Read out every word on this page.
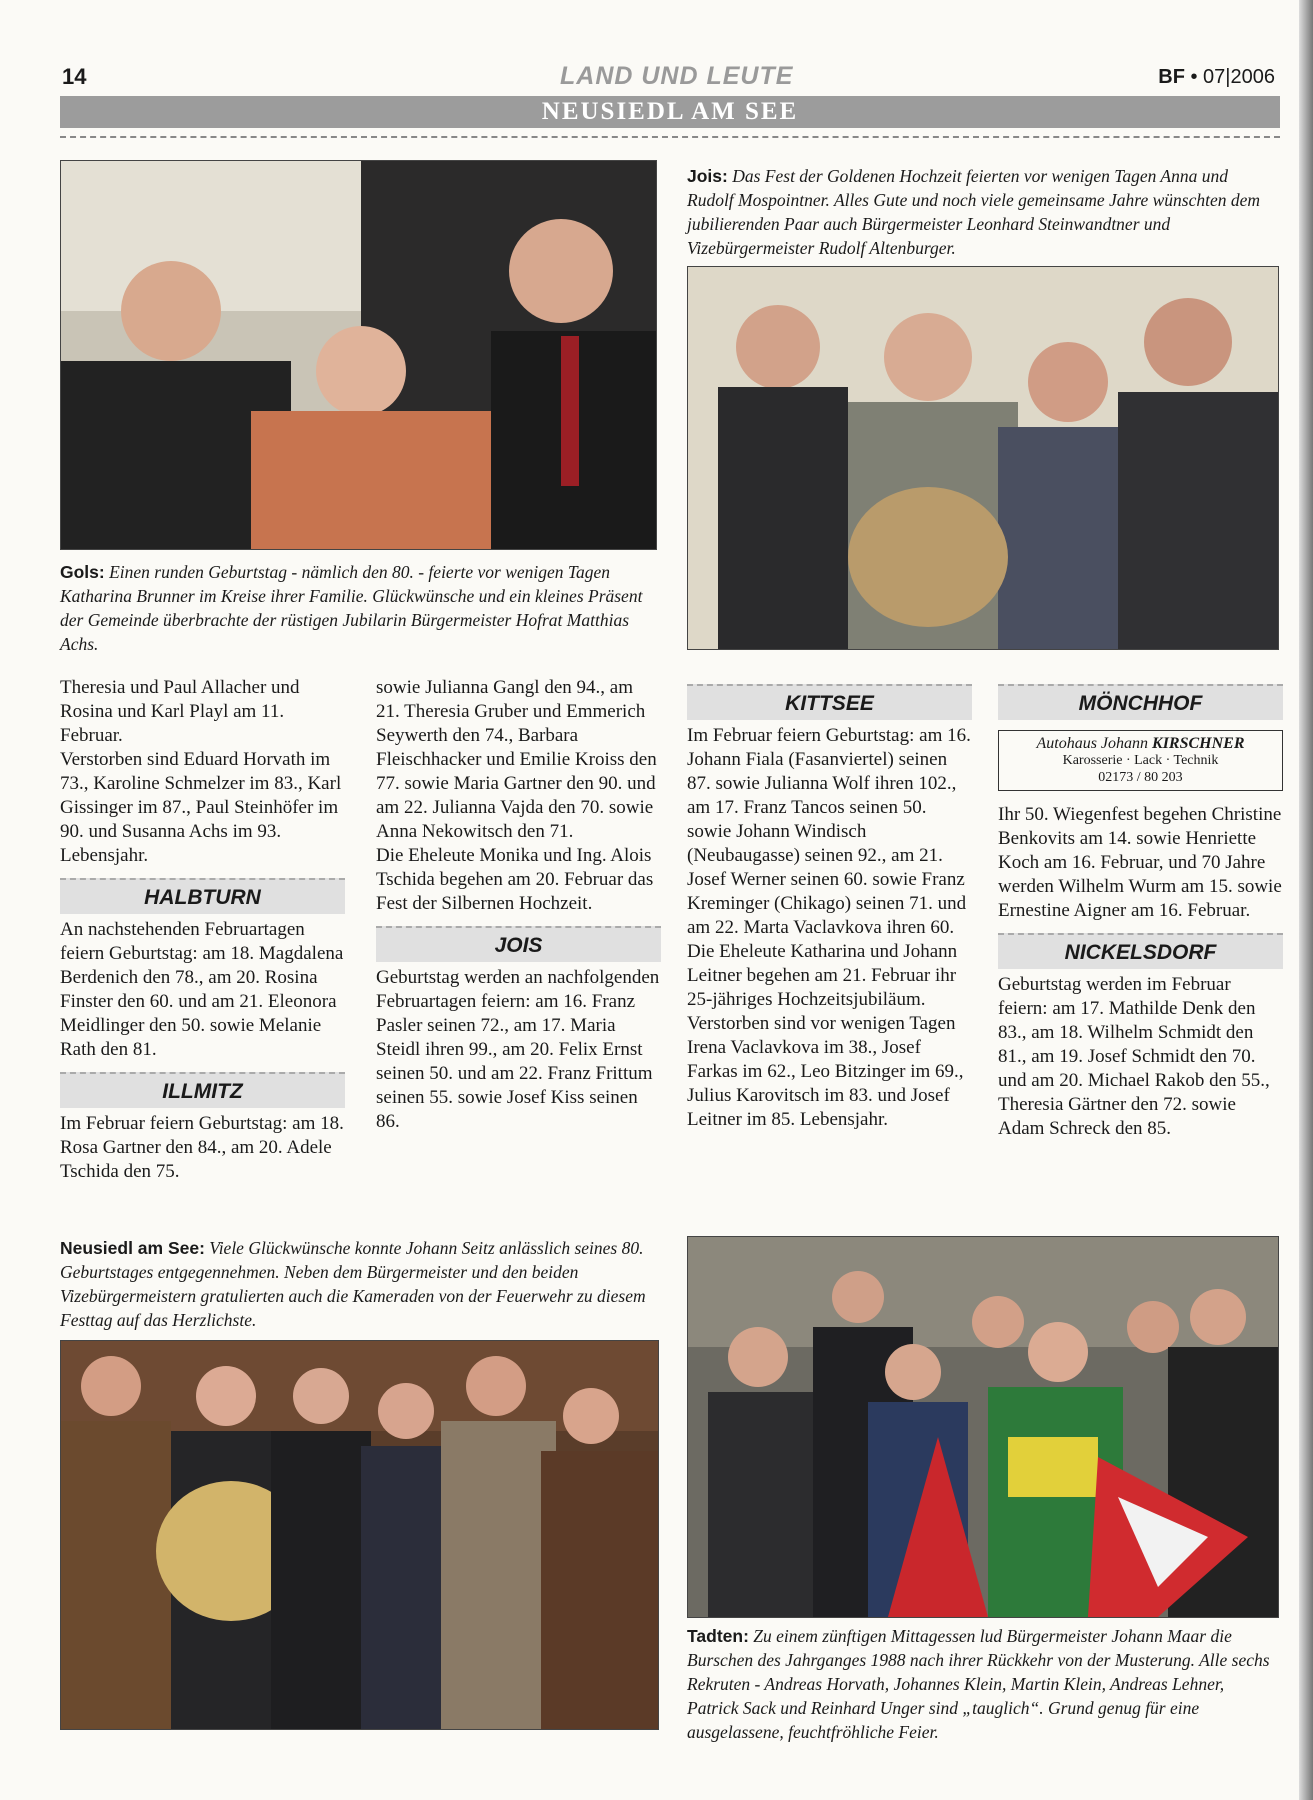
14	LAND UND LEUTE	BF • 07|2006
NEUSIEDL AM SEE
Gols: Einen runden Geburtstag - nämlich den 80. - feierte vor wenigen Tagen Katharina Brunner im Kreise ihrer Familie. Glückwünsche und ein kleines Präsent der Gemeinde überbrachte der rüstigen Jubilarin Bürgermeister Hofrat Matthias Achs.
Jois: Das Fest der Goldenen Hochzeit feierten vor wenigen Tagen Anna und Rudolf Mospointner. Alles Gute und noch viele gemeinsame Jahre wünschten dem jubilierenden Paar auch Bürgermeister Leonhard Steinwandtner und Vizebürgermeister Rudolf Altenburger.

Theresia und Paul Allacher und Rosina und Karl Playl am 11. Februar.

Verstorben sind Eduard Horvath im 73., Karoline Schmelzer im 83., Karl Gissinger im 87., Paul Steinhöfer im 90. und Susanna Achs im 93. Lebensjahr.

HALBTURN

An nachstehenden Februartagen feiern Geburtstag: am 18. Magdalena Berdenich den 78., am 20. Rosina Finster den 60. und am 21. Eleonora Meidlinger den 50. sowie Melanie Rath den 81.

ILLMITZ

Im Februar feiern Geburtstag: am 18. Rosa Gartner den 84., am 20. Adele Tschida den 75.

sowie Julianna Gangl den 94., am 21. Theresia Gruber und Emmerich Seywerth den 74., Barbara Fleischhacker und Emilie Kroiss den 77. sowie Maria Gartner den 90. und am 22. Julianna Vajda den 70. sowie Anna Nekowitsch den 71.

Die Eheleute Monika und Ing. Alois Tschida begehen am 20. Februar das Fest der Silbernen Hochzeit.

JOIS

Geburtstag werden an nachfolgenden Februartagen feiern: am 16. Franz Pasler seinen 72., am 17. Maria Steidl ihren 99., am 20. Felix Ernst seinen 50. und am 22. Franz Frittum seinen 55. sowie Josef Kiss seinen 86.

KITTSEE

Im Februar feiern Geburtstag: am 16. Johann Fiala (Fasanviertel) seinen 87. sowie Julianna Wolf ihren 102., am 17. Franz Tancos seinen 50. sowie Johann Windisch (Neubaugasse) seinen 92., am 21. Josef Werner seinen 60. sowie Franz Kreminger (Chikago) seinen 71. und am 22. Marta Vaclavkova ihren 60.

Die Eheleute Katharina und Johann Leitner begehen am 21. Februar ihr 25-jähriges Hochzeitsjubiläum.

Verstorben sind vor wenigen Tagen Irena Vaclavkova im 38., Josef Farkas im 62., Leo Bitzinger im 69., Julius Karovitsch im 83. und Josef Leitner im 85. Lebensjahr.

MÖNCHHOF
Autohaus Johann KIRSCHNER
Karosserie · Lack · Technik
02173 / 80 203

Ihr 50. Wiegenfest begehen Christine Benkovits am 14. sowie Henriette Koch am 16. Februar, und 70 Jahre werden Wilhelm Wurm am 15. sowie Ernestine Aigner am 16. Februar.

NICKELSDORF

Geburtstag werden im Februar feiern: am 17. Mathilde Denk den 83., am 18. Wilhelm Schmidt den 81., am 19. Josef Schmidt den 70. und am 20. Michael Rakob den 55., Theresia Gärtner den 72. sowie Adam Schreck den 85.

Neusiedl am See: Viele Glückwünsche konnte Johann Seitz anlässlich seines 80. Geburtstages entgegennehmen. Neben dem Bürgermeister und den beiden Vizebürgermeistern gratulierten auch die Kameraden von der Feuerwehr zu diesem Festtag auf das Herzlichste.
Tadten: Zu einem zünftigen Mittagessen lud Bürgermeister Johann Maar die Burschen des Jahrganges 1988 nach ihrer Rückkehr von der Musterung. Alle sechs Rekruten - Andreas Horvath, Johannes Klein, Martin Klein, Andreas Lehner, Patrick Sack und Reinhard Unger sind „tauglich“. Grund genug für eine ausgelassene, feuchtfröhliche Feier.
